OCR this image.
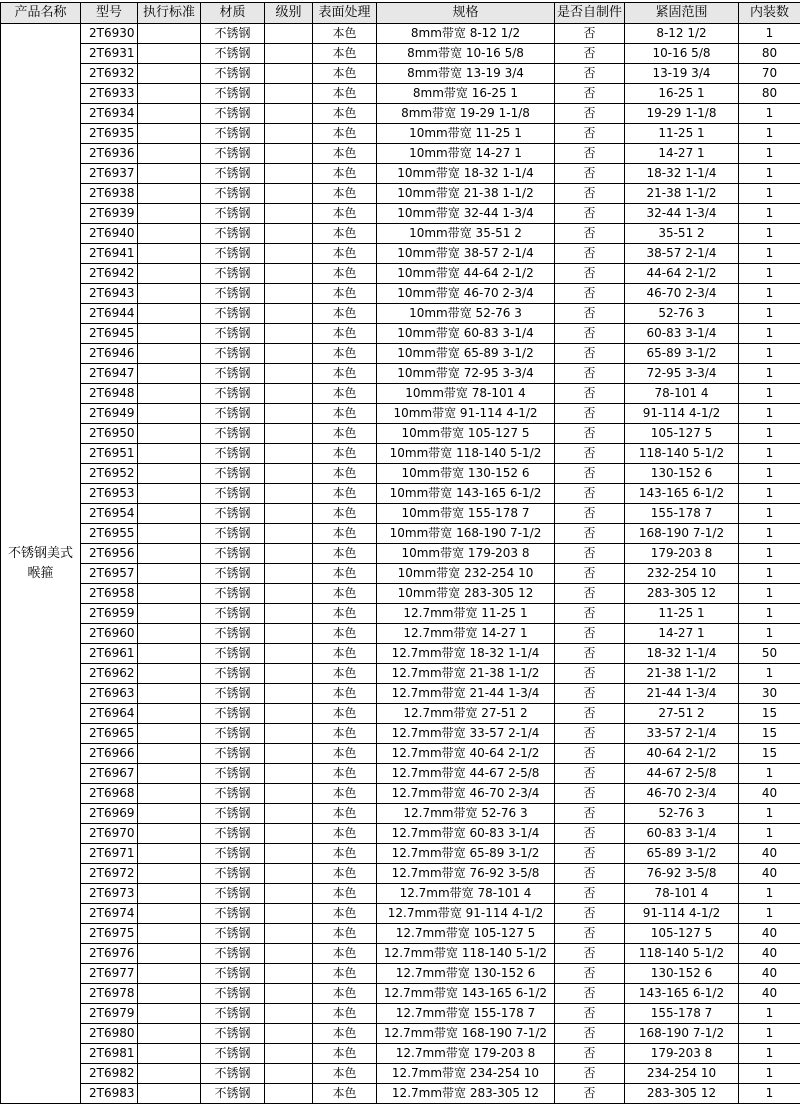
产品名称	型号	执行标准	材质	级别	表面处理	规格	是否自制件	紧固范围	内装数
不锈钢美式喉箍	2T6930		不锈钢		本色	8mm带宽 8-12 1/2	否	8-12 1/2	1
	2T6931		不锈钢		本色	8mm带宽 10-16 5/8	否	10-16 5/8	80
	2T6932		不锈钢		本色	8mm带宽 13-19 3/4	否	13-19 3/4	70
	2T6933		不锈钢		本色	8mm带宽 16-25 1	否	16-25 1	80
	2T6934		不锈钢		本色	8mm带宽 19-29 1-1/8	否	19-29 1-1/8	1
	2T6935		不锈钢		本色	10mm带宽 11-25 1	否	11-25 1	1
	2T6936		不锈钢		本色	10mm带宽 14-27 1	否	14-27 1	1
	2T6937		不锈钢		本色	10mm带宽 18-32 1-1/4	否	18-32 1-1/4	1
	2T6938		不锈钢		本色	10mm带宽 21-38 1-1/2	否	21-38 1-1/2	1
	2T6939		不锈钢		本色	10mm带宽 32-44 1-3/4	否	32-44 1-3/4	1
	2T6940		不锈钢		本色	10mm带宽 35-51 2	否	35-51 2	1
	2T6941		不锈钢		本色	10mm带宽 38-57 2-1/4	否	38-57 2-1/4	1
	2T6942		不锈钢		本色	10mm带宽 44-64 2-1/2	否	44-64 2-1/2	1
	2T6943		不锈钢		本色	10mm带宽 46-70 2-3/4	否	46-70 2-3/4	1
	2T6944		不锈钢		本色	10mm带宽 52-76 3	否	52-76 3	1
	2T6945		不锈钢		本色	10mm带宽 60-83 3-1/4	否	60-83 3-1/4	1
	2T6946		不锈钢		本色	10mm带宽 65-89 3-1/2	否	65-89 3-1/2	1
	2T6947		不锈钢		本色	10mm带宽 72-95 3-3/4	否	72-95 3-3/4	1
	2T6948		不锈钢		本色	10mm带宽 78-101 4	否	78-101 4	1
	2T6949		不锈钢		本色	10mm带宽 91-114 4-1/2	否	91-114 4-1/2	1
	2T6950		不锈钢		本色	10mm带宽 105-127 5	否	105-127 5	1
	2T6951		不锈钢		本色	10mm带宽 118-140 5-1/2	否	118-140 5-1/2	1
	2T6952		不锈钢		本色	10mm带宽 130-152 6	否	130-152 6	1
	2T6953		不锈钢		本色	10mm带宽 143-165 6-1/2	否	143-165 6-1/2	1
	2T6954		不锈钢		本色	10mm带宽 155-178 7	否	155-178 7	1
	2T6955		不锈钢		本色	10mm带宽 168-190 7-1/2	否	168-190 7-1/2	1
	2T6956		不锈钢		本色	10mm带宽 179-203 8	否	179-203 8	1
	2T6957		不锈钢		本色	10mm带宽 232-254 10	否	232-254 10	1
	2T6958		不锈钢		本色	10mm带宽 283-305 12	否	283-305 12	1
	2T6959		不锈钢		本色	12.7mm带宽 11-25 1	否	11-25 1	1
	2T6960		不锈钢		本色	12.7mm带宽 14-27 1	否	14-27 1	1
	2T6961		不锈钢		本色	12.7mm带宽 18-32 1-1/4	否	18-32 1-1/4	50
	2T6962		不锈钢		本色	12.7mm带宽 21-38 1-1/2	否	21-38 1-1/2	1
	2T6963		不锈钢		本色	12.7mm带宽 21-44 1-3/4	否	21-44 1-3/4	30
	2T6964		不锈钢		本色	12.7mm带宽 27-51 2	否	27-51 2	15
	2T6965		不锈钢		本色	12.7mm带宽 33-57 2-1/4	否	33-57 2-1/4	15
	2T6966		不锈钢		本色	12.7mm带宽 40-64 2-1/2	否	40-64 2-1/2	15
	2T6967		不锈钢		本色	12.7mm带宽 44-67 2-5/8	否	44-67 2-5/8	1
	2T6968		不锈钢		本色	12.7mm带宽 46-70 2-3/4	否	46-70 2-3/4	40
	2T6969		不锈钢		本色	12.7mm带宽 52-76 3	否	52-76 3	1
	2T6970		不锈钢		本色	12.7mm带宽 60-83 3-1/4	否	60-83 3-1/4	1
	2T6971		不锈钢		本色	12.7mm带宽 65-89 3-1/2	否	65-89 3-1/2	40
	2T6972		不锈钢		本色	12.7mm带宽 76-92 3-5/8	否	76-92 3-5/8	40
	2T6973		不锈钢		本色	12.7mm带宽 78-101 4	否	78-101 4	1
	2T6974		不锈钢		本色	12.7mm带宽 91-114 4-1/2	否	91-114 4-1/2	1
	2T6975		不锈钢		本色	12.7mm带宽 105-127 5	否	105-127 5	40
	2T6976		不锈钢		本色	12.7mm带宽 118-140 5-1/2	否	118-140 5-1/2	40
	2T6977		不锈钢		本色	12.7mm带宽 130-152 6	否	130-152 6	40
	2T6978		不锈钢		本色	12.7mm带宽 143-165 6-1/2	否	143-165 6-1/2	40
	2T6979		不锈钢		本色	12.7mm带宽 155-178 7	否	155-178 7	1
	2T6980		不锈钢		本色	12.7mm带宽 168-190 7-1/2	否	168-190 7-1/2	1
	2T6981		不锈钢		本色	12.7mm带宽 179-203 8	否	179-203 8	1
	2T6982		不锈钢		本色	12.7mm带宽 234-254 10	否	234-254 10	1
	2T6983		不锈钢		本色	12.7mm带宽 283-305 12	否	283-305 12	1
